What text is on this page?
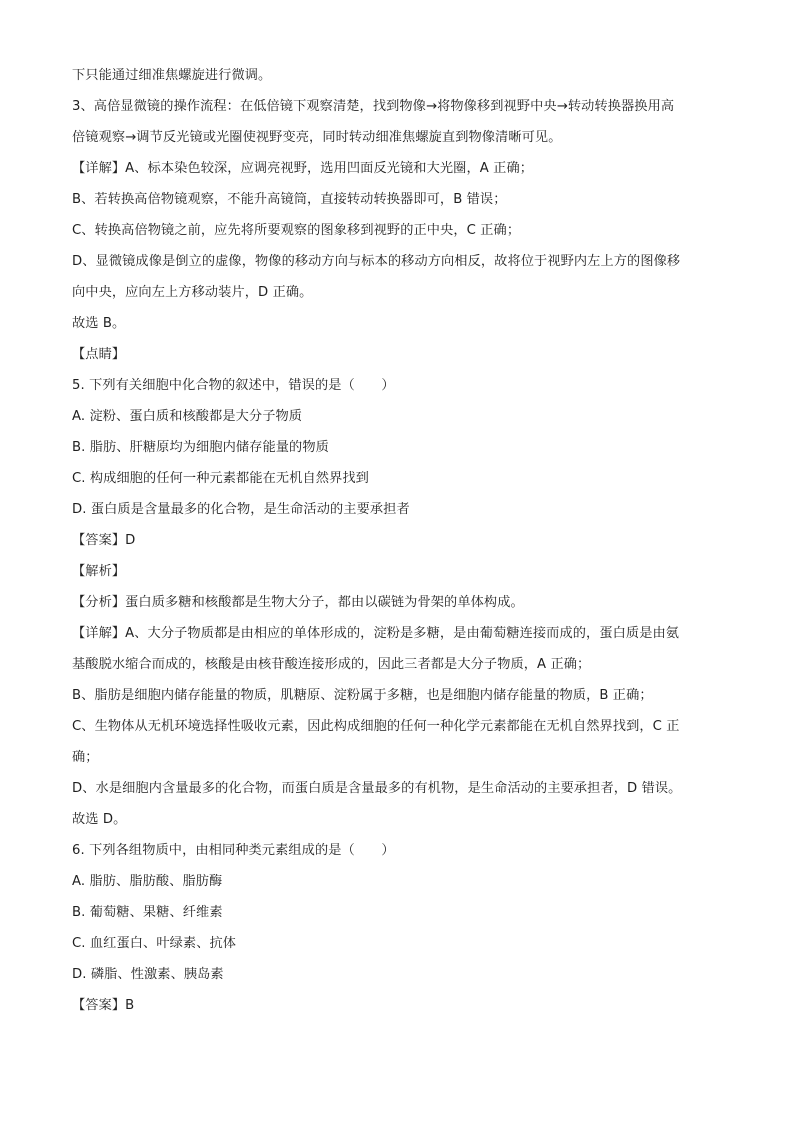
下只能通过细准焦螺旋进行微调。
3、高倍显微镜的操作流程：在低倍镜下观察清楚，找到物像→将物像移到视野中央→转动转换器换用高
倍镜观察→调节反光镜或光圈使视野变亮，同时转动细准焦螺旋直到物像清晰可见。
【详解】A、标本染色较深，应调亮视野，选用凹面反光镜和大光圈，A 正确；
B、若转换高倍物镜观察，不能升高镜筒，直接转动转换器即可，B 错误；
C、转换高倍物镜之前，应先将所要观察的图象移到视野的正中央，C 正确；
D、显微镜成像是倒立的虚像，物像的移动方向与标本的移动方向相反，故将位于视野内左上方的图像移
向中央，应向左上方移动装片，D 正确。
故选 B。
【点睛】
5. 下列有关细胞中化合物的叙述中，错误的是（　　）
A. 淀粉、蛋白质和核酸都是大分子物质
B. 脂肪、肝糖原均为细胞内储存能量的物质
C. 构成细胞的任何一种元素都能在无机自然界找到
D. 蛋白质是含量最多的化合物，是生命活动的主要承担者
【答案】D
【解析】
【分析】蛋白质多糖和核酸都是生物大分子，都由以碳链为骨架的单体构成。
【详解】A、大分子物质都是由相应的单体形成的，淀粉是多糖，是由葡萄糖连接而成的，蛋白质是由氨
基酸脱水缩合而成的，核酸是由核苷酸连接形成的，因此三者都是大分子物质，A 正确；
B、脂肪是细胞内储存能量的物质，肌糖原、淀粉属于多糖，也是细胞内储存能量的物质，B 正确；
C、生物体从无机环境选择性吸收元素，因此构成细胞的任何一种化学元素都能在无机自然界找到，C 正
确；
D、水是细胞内含量最多的化合物，而蛋白质是含量最多的有机物，是生命活动的主要承担者，D 错误。
故选 D。
6. 下列各组物质中，由相同种类元素组成的是（　　）
A. 脂肪、脂肪酸、脂肪酶
B. 葡萄糖、果糖、纤维素
C. 血红蛋白、叶绿素、抗体
D. 磷脂、性激素、胰岛素
【答案】B
